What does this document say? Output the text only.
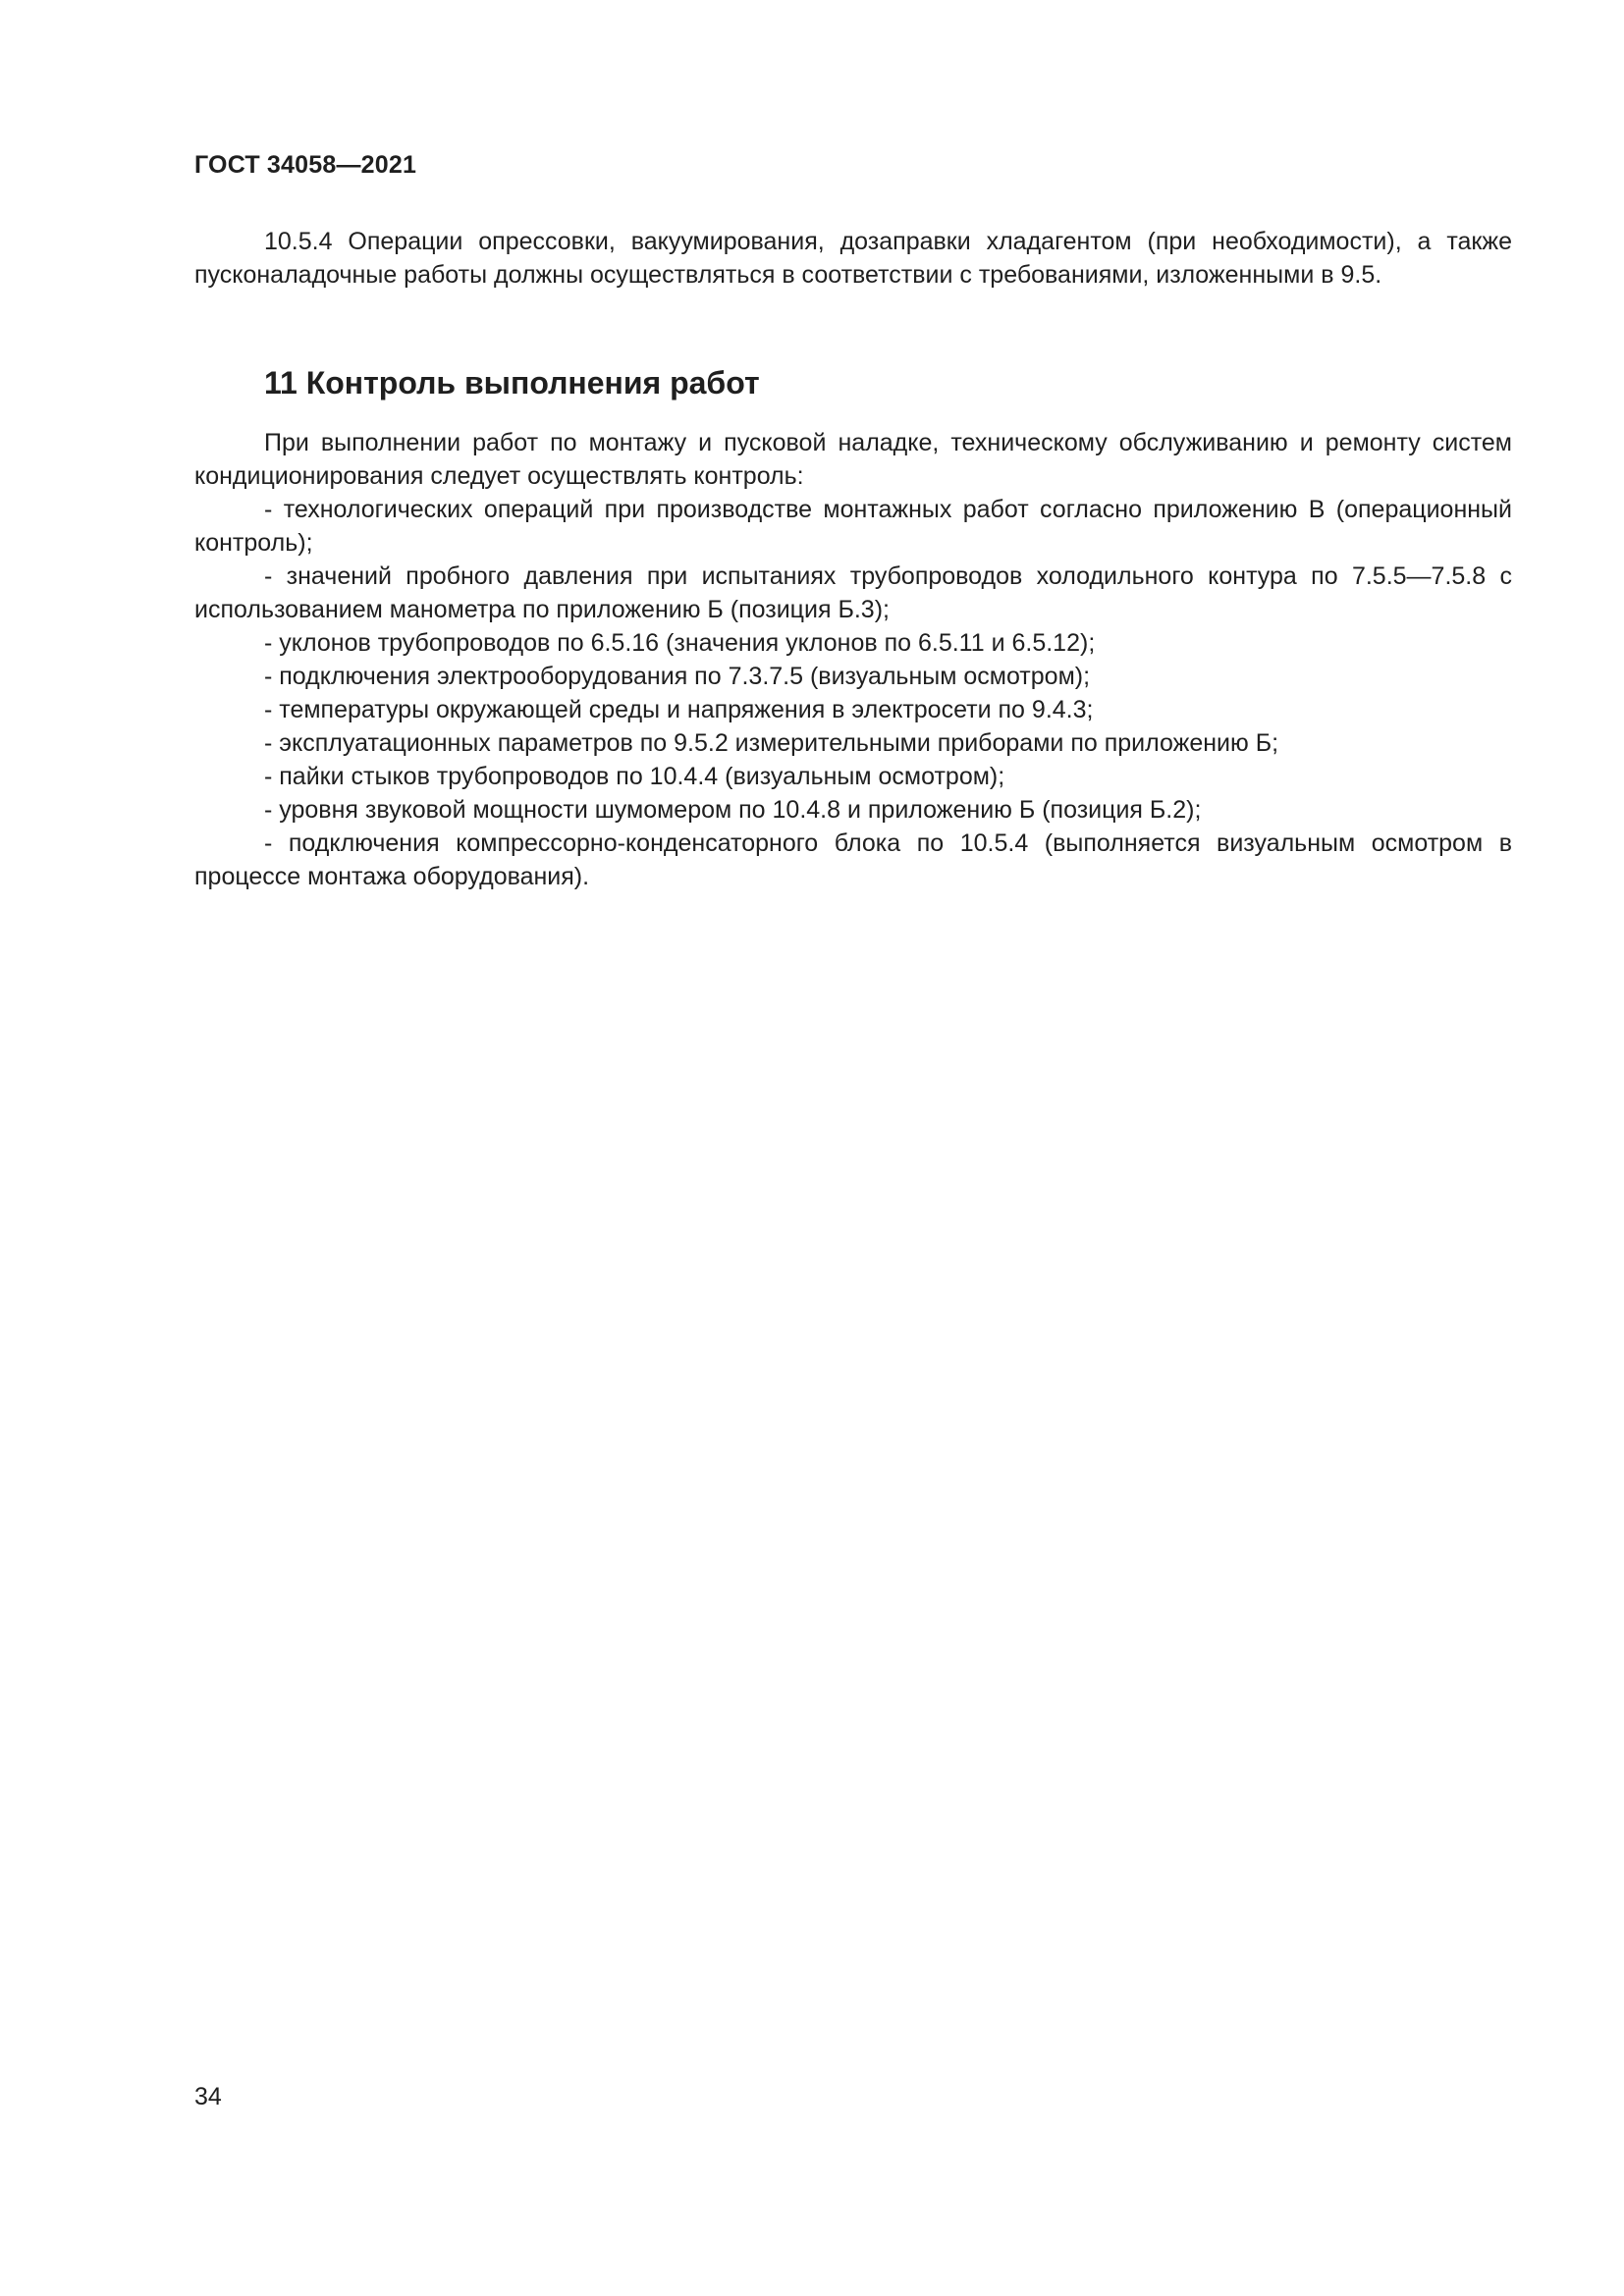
ГОСТ 34058—2021

10.5.4 Операции опрессовки, вакуумирования, дозаправки хладагентом (при необходимости), а также пусконаладочные работы должны осуществляться в соответствии с требованиями, изложенными в 9.5.

11 Контроль выполнения работ

При выполнении работ по монтажу и пусковой наладке, техническому обслуживанию и ремонту систем кондиционирования следует осуществлять контроль:

- технологических операций при производстве монтажных работ согласно приложению В (операционный контроль);
- значений пробного давления при испытаниях трубопроводов холодильного контура по 7.5.5—7.5.8 с использованием манометра по приложению Б (позиция Б.3);
- уклонов трубопроводов по 6.5.16 (значения уклонов по 6.5.11 и 6.5.12);
- подключения электрооборудования по 7.3.7.5 (визуальным осмотром);
- температуры окружающей среды и напряжения в электросети по 9.4.3;
- эксплуатационных параметров по 9.5.2 измерительными приборами по приложению Б;
- пайки стыков трубопроводов по 10.4.4 (визуальным осмотром);
- уровня звуковой мощности шумомером по 10.4.8 и приложению Б (позиция Б.2);
- подключения компрессорно-конденсаторного блока по 10.5.4 (выполняется визуальным осмотром в процессе монтажа оборудования).
34
